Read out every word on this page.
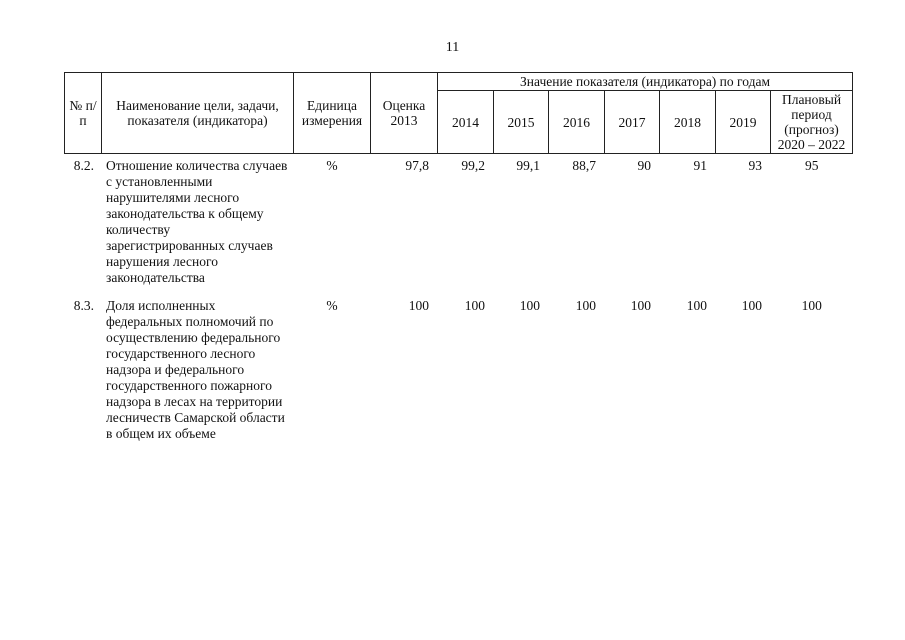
11
№ п/п	Наименование цели, задачи, показателя (индикатора)	Единица измерения	Оценка 2013	Значение показателя (индикатора) по годам						
				2014	2015	2016	2017	2018	2019	Плановый период (прогноз) 2020 – 2022
8.2.	Отношение количества случаев с установленными нарушителями лесного законодательства к общему количеству зарегистрированных случаев нарушения лесного законодательства	%	97,8	99,2	99,1	88,7	90	91	93	95
8.3.	Доля исполненных федеральных полномочий по осуществлению федерального государственного лесного надзора и федерального государственного пожарного надзора в лесах на территории лесничеств Самарской области в общем их объеме	%	100	100	100	100	100	100	100	100
